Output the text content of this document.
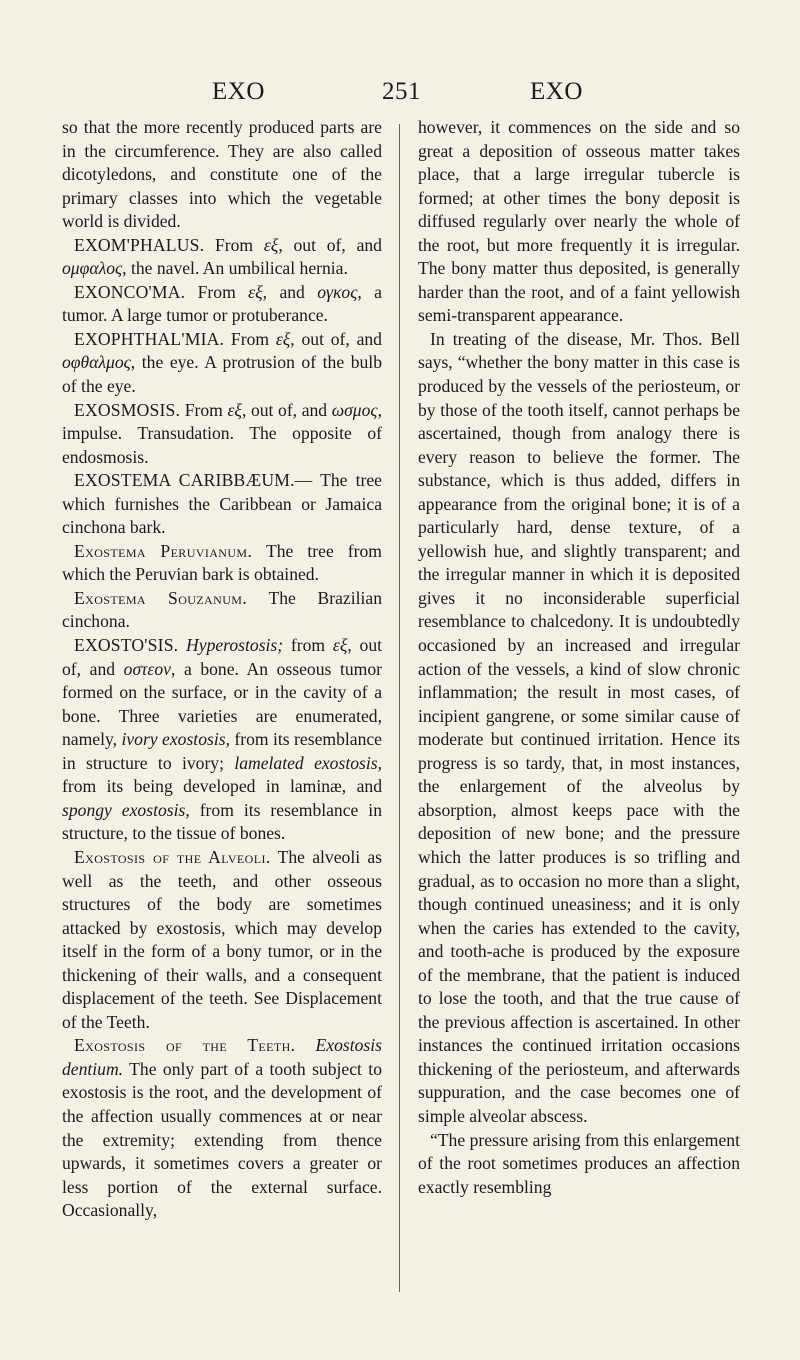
EXO	251	EXO

so that the more recently produced parts are in the circumference. They are also called dicotyledons, and constitute one of the primary classes into which the vegetable world is divided.

EXOM'PHALUS. From εξ, out of, and ομφαλος, the navel. An umbilical hernia.

EXONCO'MA. From εξ, and ογκος, a tumor. A large tumor or protuberance.

EXOPHTHAL'MIA. From εξ, out of, and οφθαλμος, the eye. A protrusion of the bulb of the eye.

EXOSMOSIS. From εξ, out of, and ωσμος, impulse. Transudation. The opposite of endosmosis.

EXOSTEMA CARIBBÆUM.— The tree which furnishes the Caribbean or Jamaica cinchona bark.

Exostema Peruvianum. The tree from which the Peruvian bark is obtained.

Exostema Souzanum. The Brazilian cinchona.

EXOSTO'SIS. Hyperostosis; from εξ, out of, and οστεον, a bone. An osseous tumor formed on the surface, or in the cavity of a bone. Three varieties are enumerated, namely, ivory exostosis, from its resemblance in structure to ivory; lamelated exostosis, from its being developed in laminæ, and spongy exostosis, from its resemblance in structure, to the tissue of bones.

Exostosis of the Alveoli. The alveoli as well as the teeth, and other osseous structures of the body are sometimes attacked by exostosis, which may develop itself in the form of a bony tumor, or in the thickening of their walls, and a consequent displacement of the teeth. See Displacement of the Teeth.

Exostosis of the Teeth. Exostosis dentium. The only part of a tooth subject to exostosis is the root, and the development of the affection usually commences at or near the extremity; extending from thence upwards, it sometimes covers a greater or less portion of the external surface. Occasionally,

however, it commences on the side and so great a deposition of osseous matter takes place, that a large irregular tubercle is formed; at other times the bony deposit is diffused regularly over nearly the whole of the root, but more frequently it is irregular. The bony matter thus deposited, is generally harder than the root, and of a faint yellowish semi-transparent appearance.

In treating of the disease, Mr. Thos. Bell says, “whether the bony matter in this case is produced by the vessels of the periosteum, or by those of the tooth itself, cannot perhaps be ascertained, though from analogy there is every reason to believe the former. The substance, which is thus added, differs in appearance from the original bone; it is of a particularly hard, dense texture, of a yellowish hue, and slightly transparent; and the irregular manner in which it is deposited gives it no inconsiderable superficial resemblance to chalcedony. It is undoubtedly occasioned by an increased and irregular action of the vessels, a kind of slow chronic inflammation; the result in most cases, of incipient gangrene, or some similar cause of moderate but continued irritation. Hence its progress is so tardy, that, in most instances, the enlargement of the alveolus by absorption, almost keeps pace with the deposition of new bone; and the pressure which the latter produces is so trifling and gradual, as to occasion no more than a slight, though continued uneasiness; and it is only when the caries has extended to the cavity, and tooth-ache is produced by the exposure of the membrane, that the patient is induced to lose the tooth, and that the true cause of the previous affection is ascertained. In other instances the continued irritation occasions thickening of the periosteum, and afterwards suppuration, and the case becomes one of simple alveolar abscess.

“The pressure arising from this enlargement of the root sometimes produces an affection exactly resembling
